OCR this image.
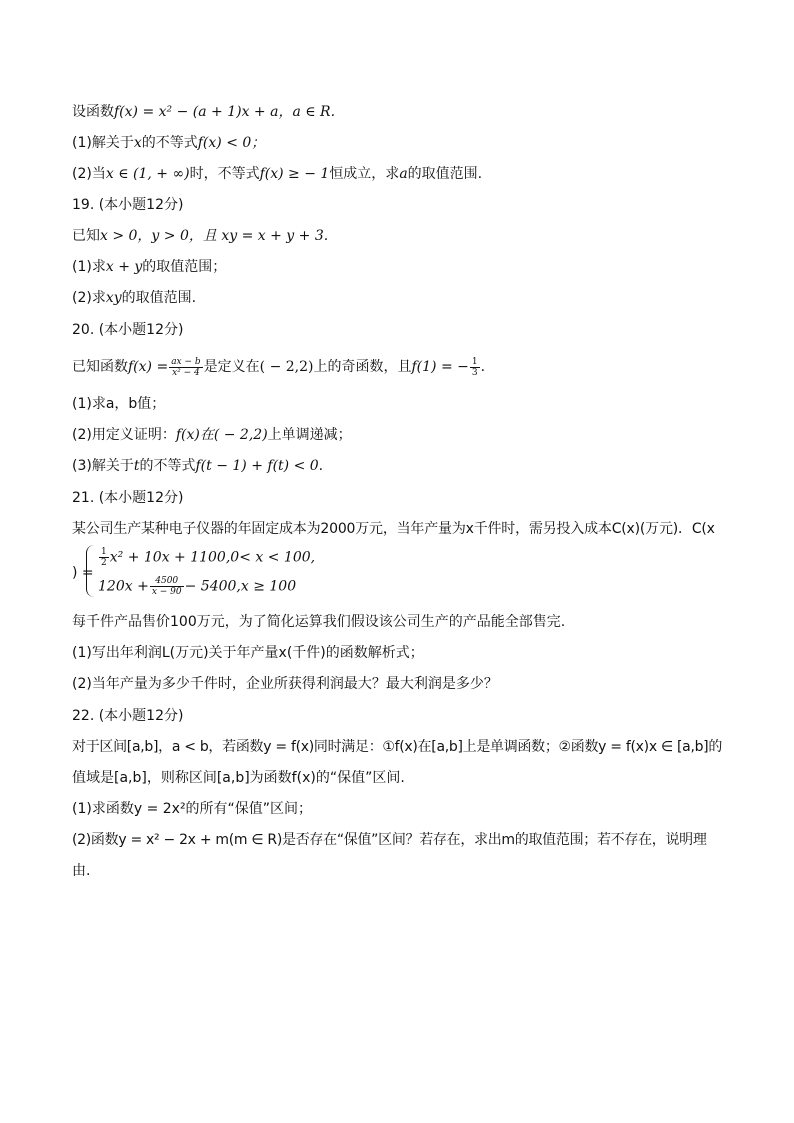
设函数f(x) = x² − (a + 1)x + a，a ∈ R.
(1)解关于x的不等式f(x) < 0；
(2)当x ∈ (1, + ∞)时，不等式f(x) ≥ − 1恒成立，求a的取值范围.
19. (本小题12分)
已知x > 0，y > 0，且 xy = x + y + 3.
(1)求x + y的取值范围；
(2)求xy的取值范围.
20. (本小题12分)
已知函数$f(x) = \frac{ax - b}{\text{x² − 4}}$ 是定义在( − 2,2)上的奇函数，且f(1) = − $\frac{1}{3}$ .
(1)求a，b值；
(2)用定义证明：f(x)在( − 2,2)上单调递减；
(3)解关于t的不等式f(t − 1) + f(t) < 0.
21. (本小题12分)
某公司生产某种电子仪器的年固定成本为2000万元，当年产量为x千件时，需另投入成本C(x)(万元)．C(x
) =
$\frac{1}{2} x^2 + 10x + 1100,0< x < 100$,
$120x + \frac{4500}{x - 90} - 5400,x \ge 100$
每千件产品售价100万元，为了简化运算我们假设该公司生产的产品能全部售完.
(1)写出年利润L(万元)关于年产量x(千件)的函数解析式；
(2)当年产量为多少千件时，企业所获得利润最大？最大利润是多少？
22. (本小题12分)
对于区间[a,b]，a < b，若函数y = f(x)同时满足：①f(x)在[a,b]上是单调函数；②函数y = f(x)x ∈ [a,b]的
值域是[a,b]，则称区间[a,b]为函数f(x)的“保值”区间.
(1)求函数y = 2x²的所有“保值”区间；
(2)函数y = x² − 2x + m(m ∈ R)是否存在“保值”区间？若存在，求出m的取值范围；若不存在，说明理
由.
